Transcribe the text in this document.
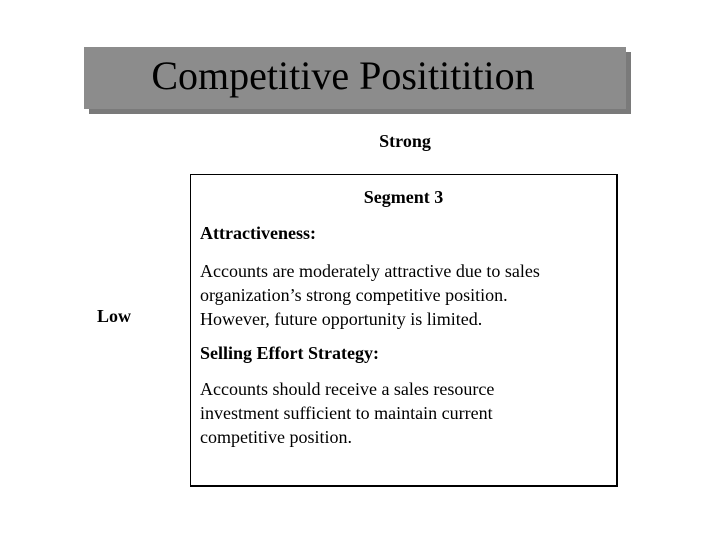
Competitive Posititition
Strong
Low
Segment 3
Attractiveness:

Accounts are moderately attractive due to sales

organization’s strong competitive position.

However, future opportunity is limited.

Selling Effort Strategy:

Accounts should receive a sales resource

investment sufficient to maintain current

competitive position.
